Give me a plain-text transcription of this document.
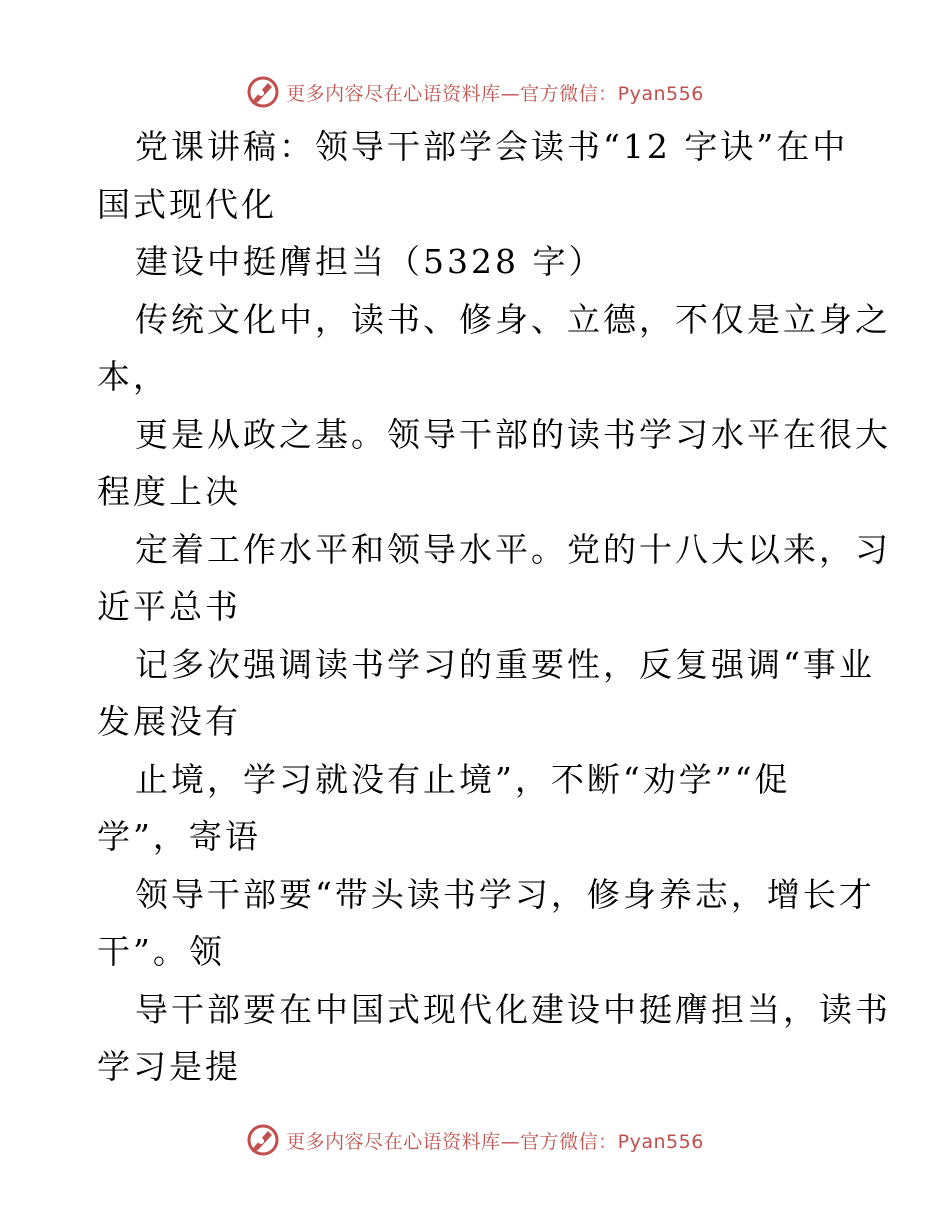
更多内容尽在心语资料库—官方微信：Pyan556
党课讲稿：领导干部学会读书“12 字诀”在中
国式现代化
建设中挺膺担当（5328 字）
传统文化中，读书、修身、立德，不仅是立身之
本，
更是从政之基。领导干部的读书学习水平在很大
程度上决
定着工作水平和领导水平。党的十八大以来，习
近平总书
记多次强调读书学习的重要性，反复强调“事业
发展没有
止境，学习就没有止境”，不断“劝学”“促
学”，寄语
领导干部要“带头读书学习，修身养志，增长才
干”。领
导干部要在中国式现代化建设中挺膺担当，读书
学习是提
更多内容尽在心语资料库—官方微信：Pyan556
